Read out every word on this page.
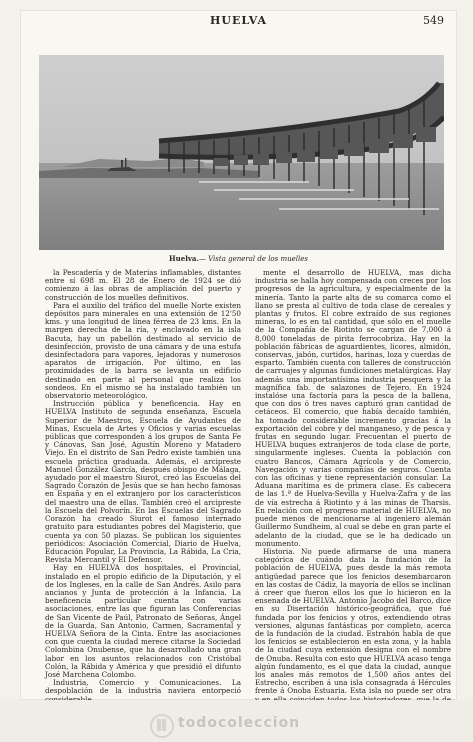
HUELVA	549
Huelva.— Vista general de los muelles

la Pescadería y de Materias inflamables, distantes entre sí 698 m. El 28 de Enero de 1924 se dió comienzo á las obras de ampliación del puerto y construcción de los muelles definitivos.

Para el auxilio del tráfico del muelle Norte existen depósitos para minerales en una extensión de 12'50 kms. y una longitud de línea férrea de 23 kms. En la margen derecha de la ría, y enclavado en la isla Bacuta, hay un pabellón destinado al servicio de desinfección, provisto de una cámara y de una estufa desinfectadora para vapores, lejadoras y numerosos aparatos de irrigación. Por último, en las proximidades de la barra se levanta un edificio destinado en parte al personal que realiza los sondeos. En el mismo se ha instalado también un observatorio meteorológico.

Instrucción pública y beneficencia. Hay en HUELVA Instituto de segunda enseñanza, Escuela Superior de Maestros, Escuela de Ayudantes de Minas, Escuela de Artes y Oficios y varias escuelas públicas que corresponden á los grupos de Santa Fe y Cánovas, San José, Agustín Moreno y Matadero Viejo. En el distrito de San Pedro existe también una escuela práctica graduada. Además, el arcipreste Manuel González García, después obispo de Málaga, ayudado por el maestro Siurot, creó las Escuelas del Sagrado Corazón de Jesús que se han hecho famosas en España y en el extranjero por los característicos del maestro una de ellas. También creó el arcipreste la Escuela del Polvorín. En las Escuelas del Sagrado Corazón ha creado Siurot el famoso internado gratuito para estudiantes pobres del Magisterio, que cuenta ya con 50 plazas. Se publican los siguientes periódicos: Asociación Comercial, Diario de Huelva, Educación Popular, La Provincia, La Rábida, La Cria, Revista Mercantil y El Defensor.

Hay en HUELVA dos hospitales, el Provincial, instalado en el propio edificio de la Diputación, y el de los Ingleses, en la calle de San Andrés. Asilo para ancianos y Junta de protección á la Infancia. La beneficencia particular cuenta con varias asociaciones, entre las que figuran las Conferencias de San Vicente de Paúl, Patronato de Señoras, Ángel de la Guarda, San Antonio, Carmen, Sacramental y HUELVA Señora de la Cinta. Entre las asociaciones con que cuenta la ciudad merece citarse la Sociedad Colombina Onubense, que ha desarrollado una gran labor en los asuntos relacionados con Cristóbal Colón, la Rábida y América y que presidió el difunto José Marchena Colombo.

Industria, Comercio y Comunicaciones. La despoblación de la industria naviera entorpeció

mente el desarrollo de HUELVA, mas dicha industria se halla hoy compensada con creces por los progresos de la agricultura, y especialmente de la minería. Tanto la parte alta de su comarca como el llano se presta al cultivo de toda clase de cereales y plantas y frutos. El cobre extraído de sus regiones mineras, lo es en tal cantidad, que sólo en el muelle de la Compañía de Riotinto se cargan de 7,000 á 8,000 toneladas de pirita ferrocobriza. Hay en la población fábricas de aguardientes, licores, almidón, conservas, jabón, curtidos, harinas, loza y cuerdas de esparto. También cuenta con talleres de construcción de carruajes y algunas fundiciones metalúrgicas. Hay además una importantísima industria pesquera y la magnífica fab. de salazones de Tejero. En 1924 instalóse una factoría para la pesca de la ballena, que con dos ó tres naves capturó gran cantidad de cetáceos. El comercio, que había decaído también, ha tomado considerable incremento gracias á la exportación del cobre y del manganeso, y de pesca y frutas en segundo lugar. Frecuentan el puerto de HUELVA buques extranjeros de toda clase de porte, singularmente ingleses. Cuenta la población con cuatro Bancos, Cámara Agrícola y de Comercio, Navegación y varias compañías de seguros. Cuenta con las oficinas y tiene representación consular. La Aduana marítima es de primera clase. Es cabecera de las 1.ª de Huelva-Sevilla y Huelva-Zafra y de las de vía estrecha á Riotinto y á las minas de Tharsis. En relación con el progreso material de HUELVA, no puede menos de mencionarse al ingeniero alemán Guillermo Sundheim, al cual se debe en gran parte el adelanto de la ciudad, que se le ha dedicado un monumento.

Historia. No puede afirmarse de una manera categórica de cuándo data la fundación de la población de HUELVA, pues desde la más remota antigüedad parece que los fenicios desembarcaron en las costas de Cádiz, la mayoría de ellos se inclinan á creer que fueron ellos los que lo hicieron en la ensenada de HUELVA. Antonio Jacobo del Barco, dice en su Disertación histórico-geográfica, que fué fundada por los fenicios y otros, extendiendo otras versiones, algunas fantásticas por completo, acerca de la fundación de la ciudad. Estrabón habla de que los fenicios se establecieron en esta zona, y la habla de la ciudad cuya extensión designa con el nombre de Onuba. Resulta con esto que HUELVA acaso tenga algún fundamento, es el que data la ciudad, aunque los anales más remotos de 1,500 años antes del Estrecho, escriben á una isla consagrada á Hércules frente á Onoba Estuaria. Esta isla no puede ser otra

todocoleccion
